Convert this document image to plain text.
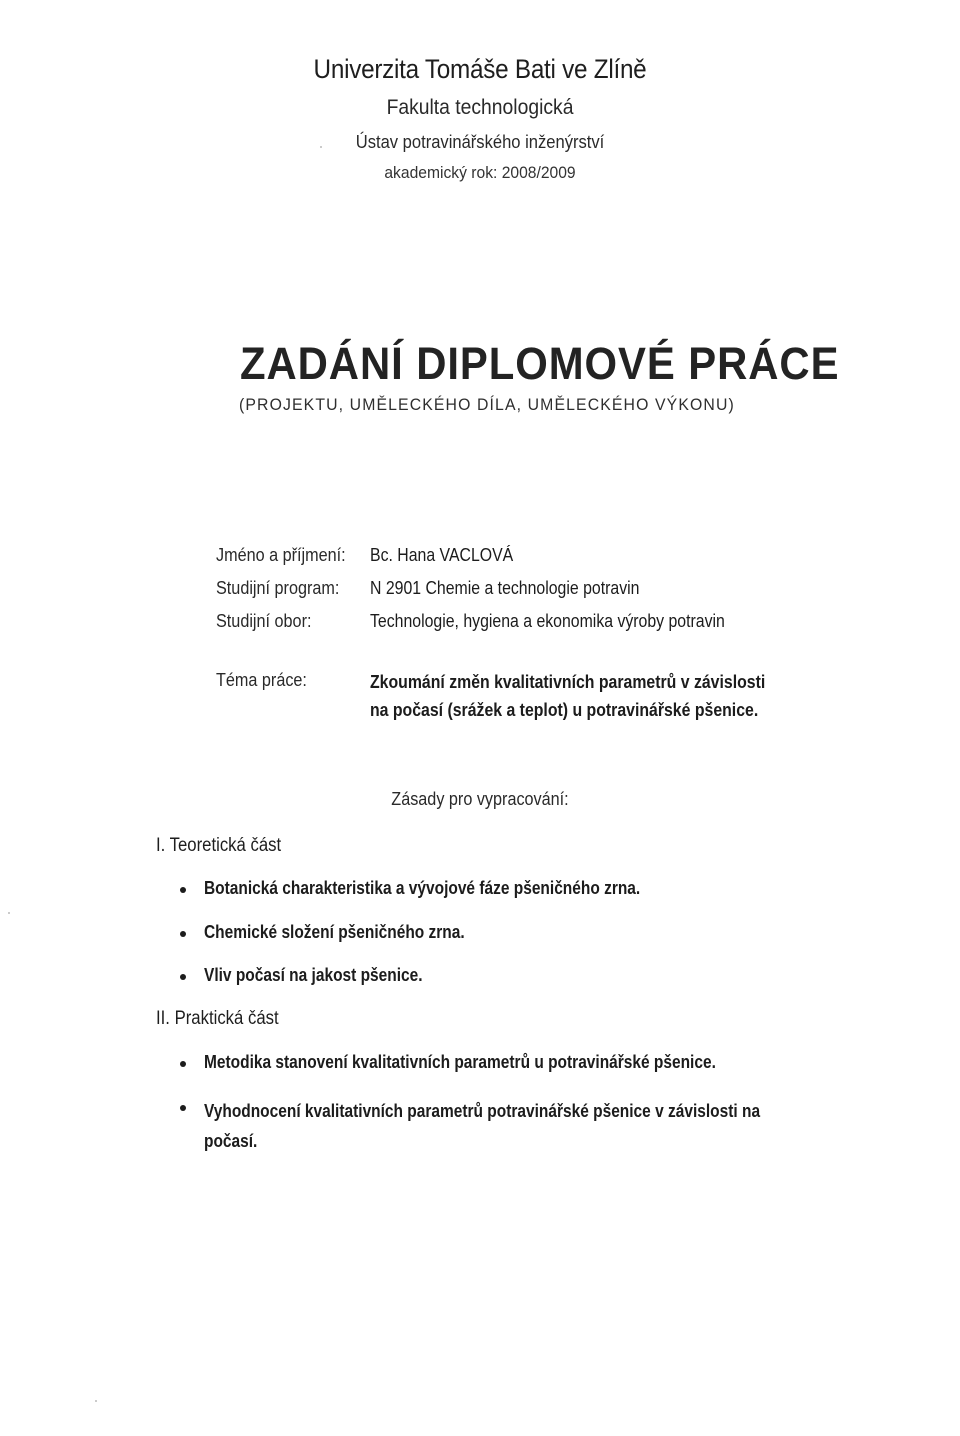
Univerzita Tomáše Bati ve Zlíně
Fakulta technologická
Ústav potravinářského inženýrství
akademický rok: 2008/2009
ZADÁNÍ DIPLOMOVÉ PRÁCE
(PROJEKTU, UMĚLECKÉHO DÍLA, UMĚLECKÉHO VÝKONU)
Jméno a příjmení: Bc. Hana VACLOVÁ
Studijní program: N 2901 Chemie a technologie potravin
Studijní obor:	Technologie, hygiena a ekonomika výroby potravin
Téma práce:	Zkoumání změn kvalitativních parametrů v závislosti
na počasí (srážek a teplot) u potravinářské pšenice.
Zásady pro vypracování:
I. Teoretická část
Botanická charakteristika a vývojové fáze pšeničného zrna.
Chemické složení pšeničného zrna.
Vliv počasí na jakost pšenice.
II. Praktická část
Metodika stanovení kvalitativních parametrů u potravinářské pšenice.
Vyhodnocení kvalitativních parametrů potravinářské pšenice v závislosti na počasí.
